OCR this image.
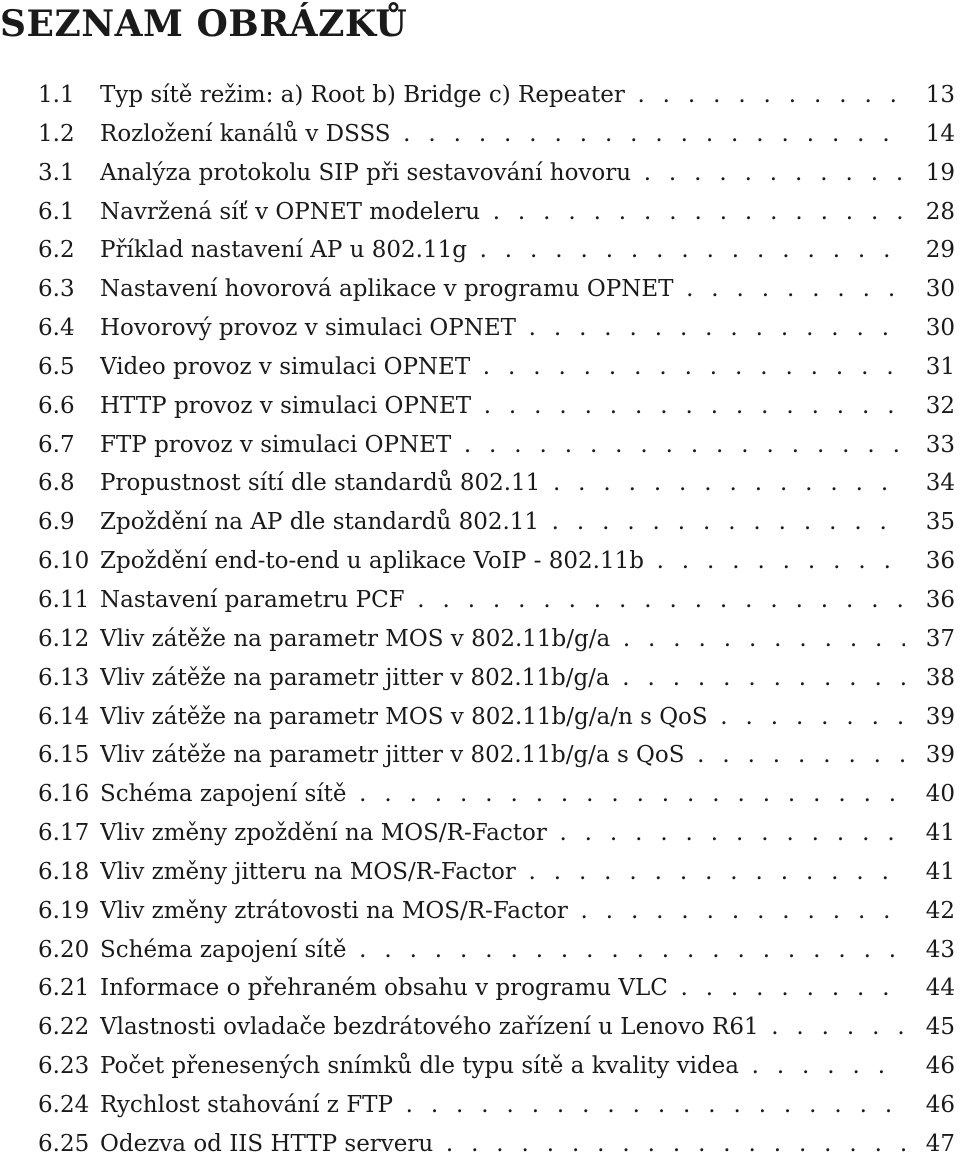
SEZNAM OBRÁZKŮ
1.1 Typ sítě režim: a) Root b) Bridge c) Repeater . . .	13
1.2 Rozložení kanálů v DSSS . . .	14
3.1 Analýza protokolu SIP při sestavování hovoru . . .	19
6.1 Navržená síť v OPNET modeleru . . .	28
6.2 Příklad nastavení AP u 802.11g . . .	29
6.3 Nastavení hovorová aplikace v programu OPNET . . .	30
6.4 Hovorový provoz v simulaci OPNET . . .	30
6.5 Video provoz v simulaci OPNET . . .	31
6.6 HTTP provoz v simulaci OPNET . . .	32
6.7 FTP provoz v simulaci OPNET . . .	33
6.8 Propustnost sítí dle standardů 802.11 . . .	34
6.9 Zpoždění na AP dle standardů 802.11 . . .	35
6.10 Zpoždění end-to-end u aplikace VoIP - 802.11b . . .	36
6.11 Nastavení parametru PCF . . .	36
6.12 Vliv zátěže na parametr MOS v 802.11b/g/a . . .	37
6.13 Vliv zátěže na parametr jitter v 802.11b/g/a . . .	38
6.14 Vliv zátěže na parametr MOS v 802.11b/g/a/n s QoS . . .	39
6.15 Vliv zátěže na parametr jitter v 802.11b/g/a s QoS . . .	39
6.16 Schéma zapojení sítě . . .	40
6.17 Vliv změny zpoždění na MOS/R-Factor . . .	41
6.18 Vliv změny jitteru na MOS/R-Factor . . .	41
6.19 Vliv změny ztrátovosti na MOS/R-Factor . . .	42
6.20 Schéma zapojení sítě . . .	43
6.21 Informace o přehraném obsahu v programu VLC . . .	44
6.22 Vlastnosti ovladače bezdrátového zařízení u Lenovo R61 . . .	45
6.23 Počet přenesených snímků dle typu sítě a kvality videa . . .	46
6.24 Rychlost stahování z FTP . . .	46
6.25 Odezva od IIS HTTP serveru . . .	47
